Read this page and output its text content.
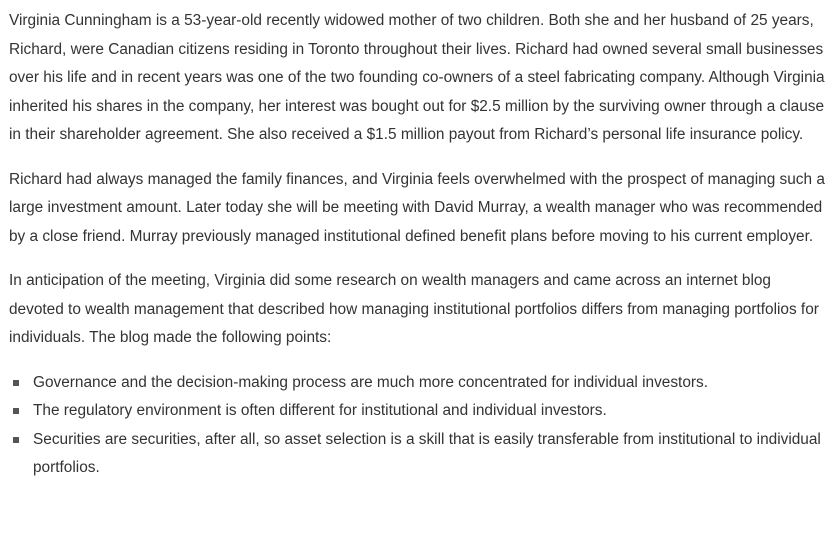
Virginia Cunningham is a 53-year-old recently widowed mother of two children. Both she and her husband of 25 years, Richard, were Canadian citizens residing in Toronto throughout their lives. Richard had owned several small businesses over his life and in recent years was one of the two founding co-owners of a steel fabricating company. Although Virginia inherited his shares in the company, her interest was bought out for $2.5 million by the surviving owner through a clause in their shareholder agreement. She also received a $1.5 million payout from Richard’s personal life insurance policy.

Richard had always managed the family finances, and Virginia feels overwhelmed with the prospect of managing such a large investment amount. Later today she will be meeting with David Murray, a wealth manager who was recommended by a close friend. Murray previously managed institutional defined benefit plans before moving to his current employer.

In anticipation of the meeting, Virginia did some research on wealth managers and came across an internet blog devoted to wealth management that described how managing institutional portfolios differs from managing portfolios for individuals. The blog made the following points:

Governance and the decision-making process are much more concentrated for individual investors.
The regulatory environment is often different for institutional and individual investors.
Securities are securities, after all, so asset selection is a skill that is easily transferable from institutional to individual portfolios.
